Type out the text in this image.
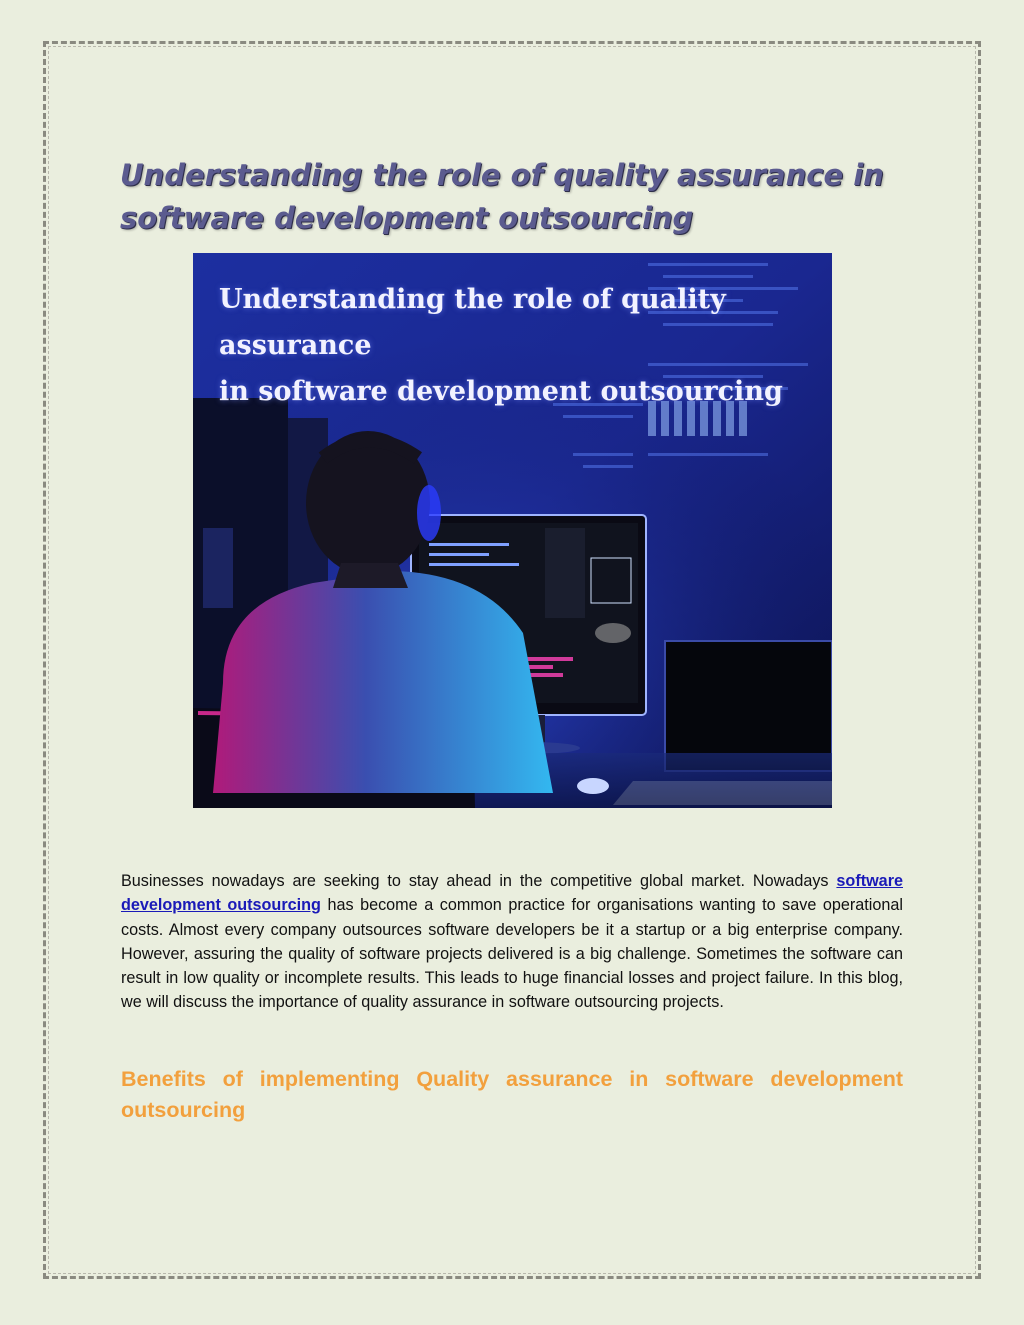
Understanding the role of quality assurance in software development outsourcing
Understanding the role of quality assurance
in software development outsourcing

Businesses nowadays are seeking to stay ahead in the competitive global market. Nowadays software development outsourcing has become a common practice for organisations wanting to save operational costs. Almost every company outsources software developers be it a startup or a big enterprise company. However, assuring the quality of software projects delivered is a big challenge. Sometimes the software can result in low quality or incomplete results. This leads to huge financial losses and project failure. In this blog, we will discuss the importance of quality assurance in software outsourcing projects.

Benefits of implementing Quality assurance in software development outsourcing
